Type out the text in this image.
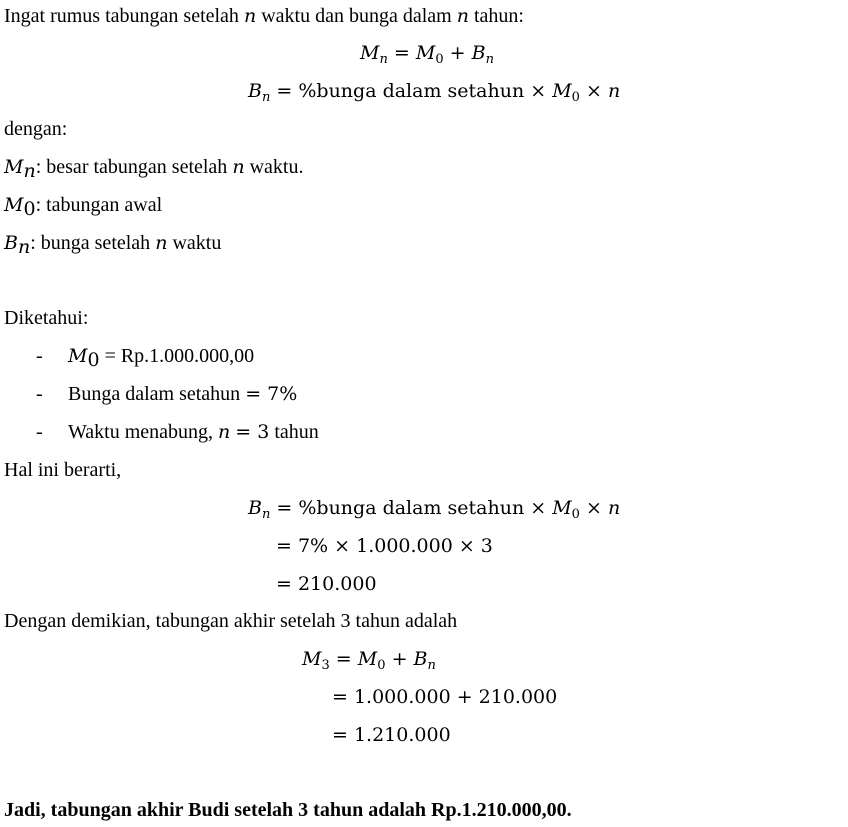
Ingat rumus tabungan setelah n waktu dan bunga dalam n tahun:
$M_n = M_0 + B_n$
$B_n$ = %bunga dalam setahun × $M_0 \times n$
dengan:
$M_n$: besar tabungan setelah n waktu.
$M_0$: tabungan awal
$B_n$: bunga setelah n waktu
Diketahui:
- $M_0 = Rp.1.000.000,00$
- Bunga dalam setahun = 7%
- Waktu menabung, n = 3 tahun
Hal ini berarti,
$B_n$ = %bunga dalam setahun × $M_0 \times n$
= 7% × 1.000.000 × 3
= 210.000
Dengan demikian, tabungan akhir setelah 3 tahun adalah
$M_3 = M_0 + B_n$
= 1.000.000 + 210.000
= 1.210.000
Jadi, tabungan akhir Budi setelah 3 tahun adalah Rp.1.210.000,00.
